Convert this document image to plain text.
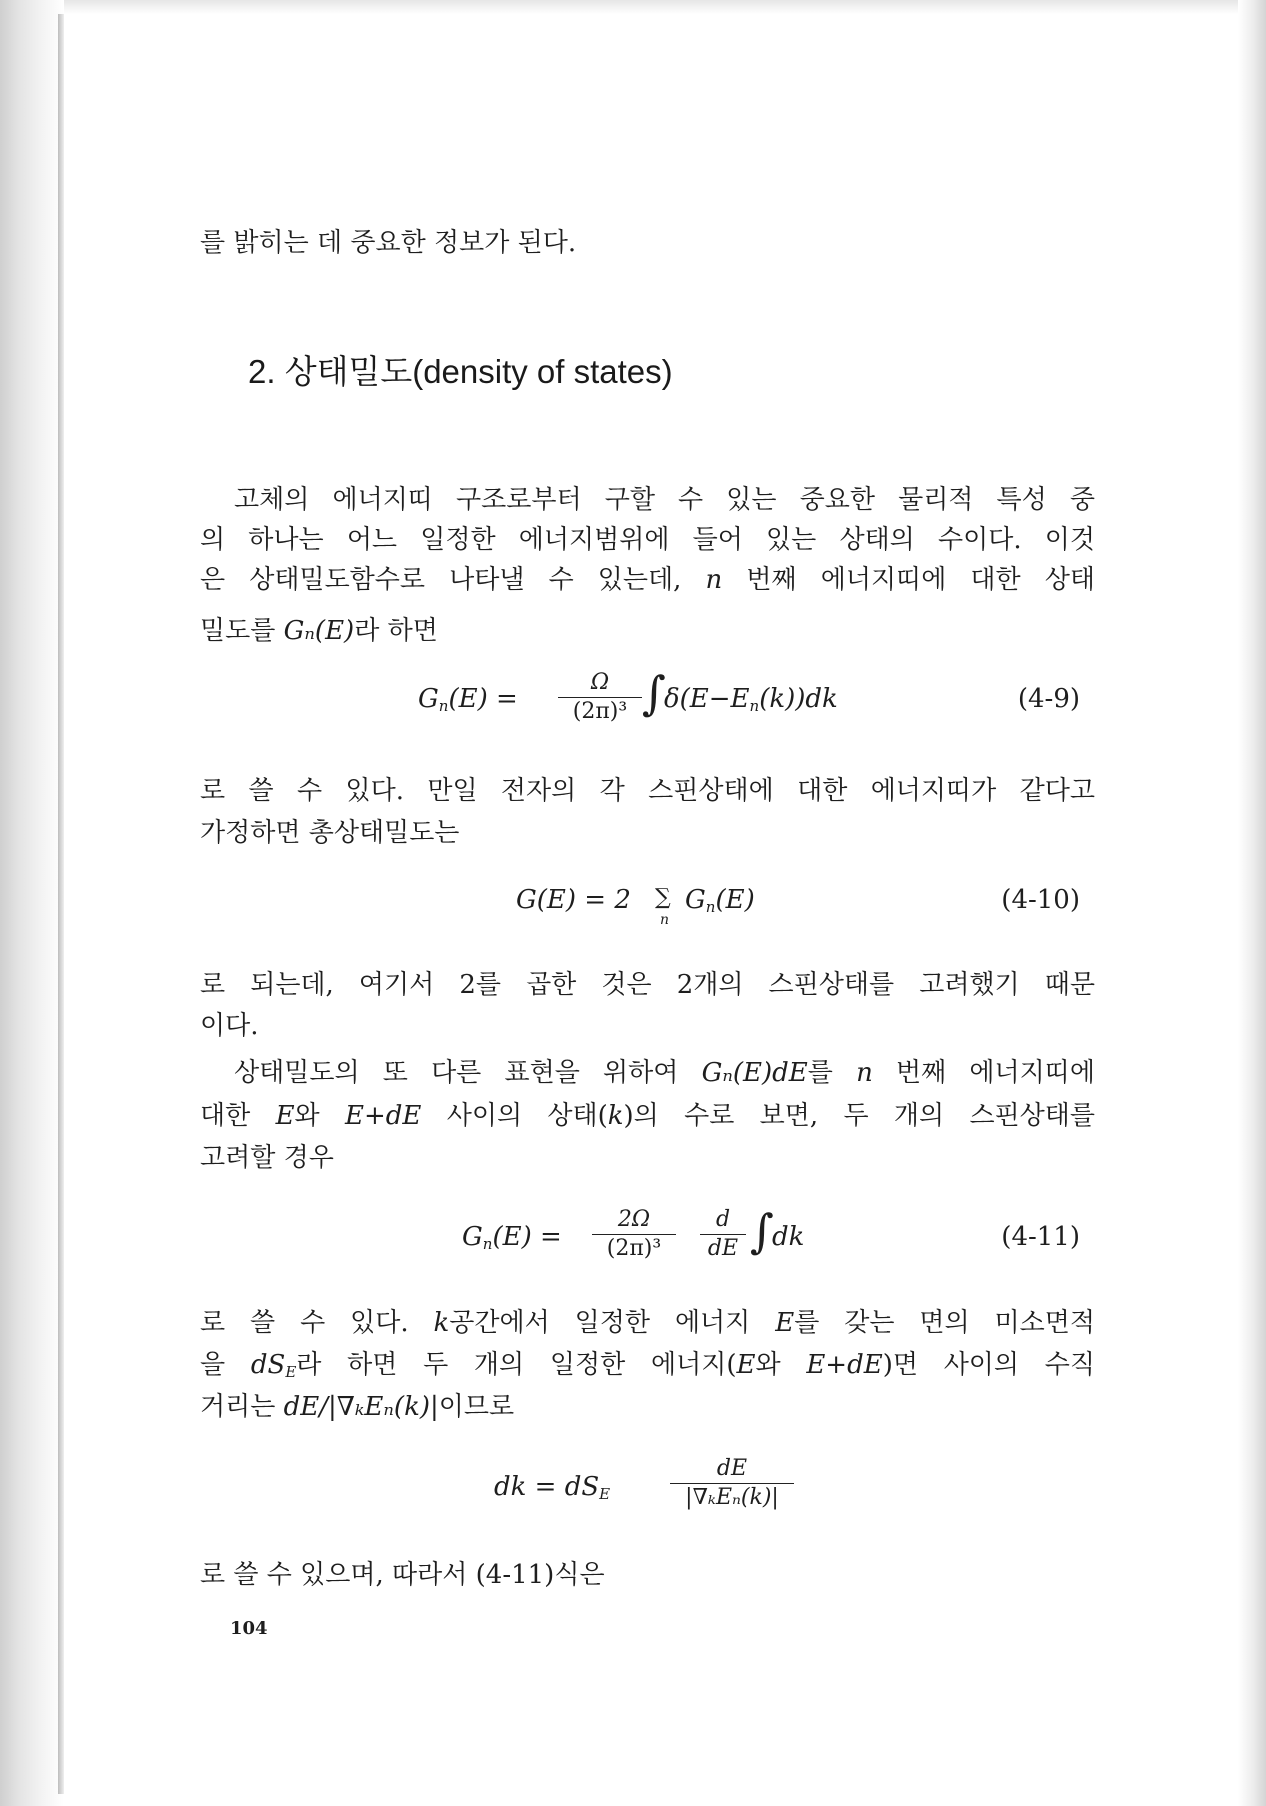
를 밝히는 데 중요한 정보가 된다.
2. 상태밀도(density of states)
고체의 에너지띠 구조로부터 구할 수 있는 중요한 물리적 특성 중
의 하나는 어느 일정한 에너지범위에 들어 있는 상태의 수이다. 이것
은 상태밀도함수로 나타낼 수 있는데, n 번째 에너지띠에 대한 상태
밀도를 Gₙ(E)라 하면
$G_n(E) = \frac{\Omega}{\text{(2π)³}}$ ∫
$\delta(E-E_n(k))dk$	(4-9)
로 쓸 수 있다. 만일 전자의 각 스핀상태에 대한 에너지띠가 같다고
가정하면 총상태밀도는
G(E) = 2 ∑
n
$G_n(E)$	(4-10)
로 되는데, 여기서 2를 곱한 것은 2개의 스핀상태를 고려했기 때문
이다.
상태밀도의 또 다른 표현을 위하여 Gₙ(E)dE를 n 번째 에너지띠에
대한 E와 E+dE 사이의 상태(k)의 수로 보면, 두 개의 스핀상태를
고려할 경우
$G_n(E) = \frac{2\Omega}{\text{(2π)³}} \frac{d}{dE}$ ∫
dk	(4-11)
로 쓸 수 있다. k공간에서 일정한 에너지 E를 갖는 면의 미소면적
을 $dS_E$라 하면 두 개의 일정한 에너지(E와 E+dE)면 사이의 수직
거리는 dE/|∇ₖEₙ(k)|이므로
dk = $dS_E$
dE
|∇ₖEₙ(k)|
로 쓸 수 있으며, 따라서 (4-11)식은
104
